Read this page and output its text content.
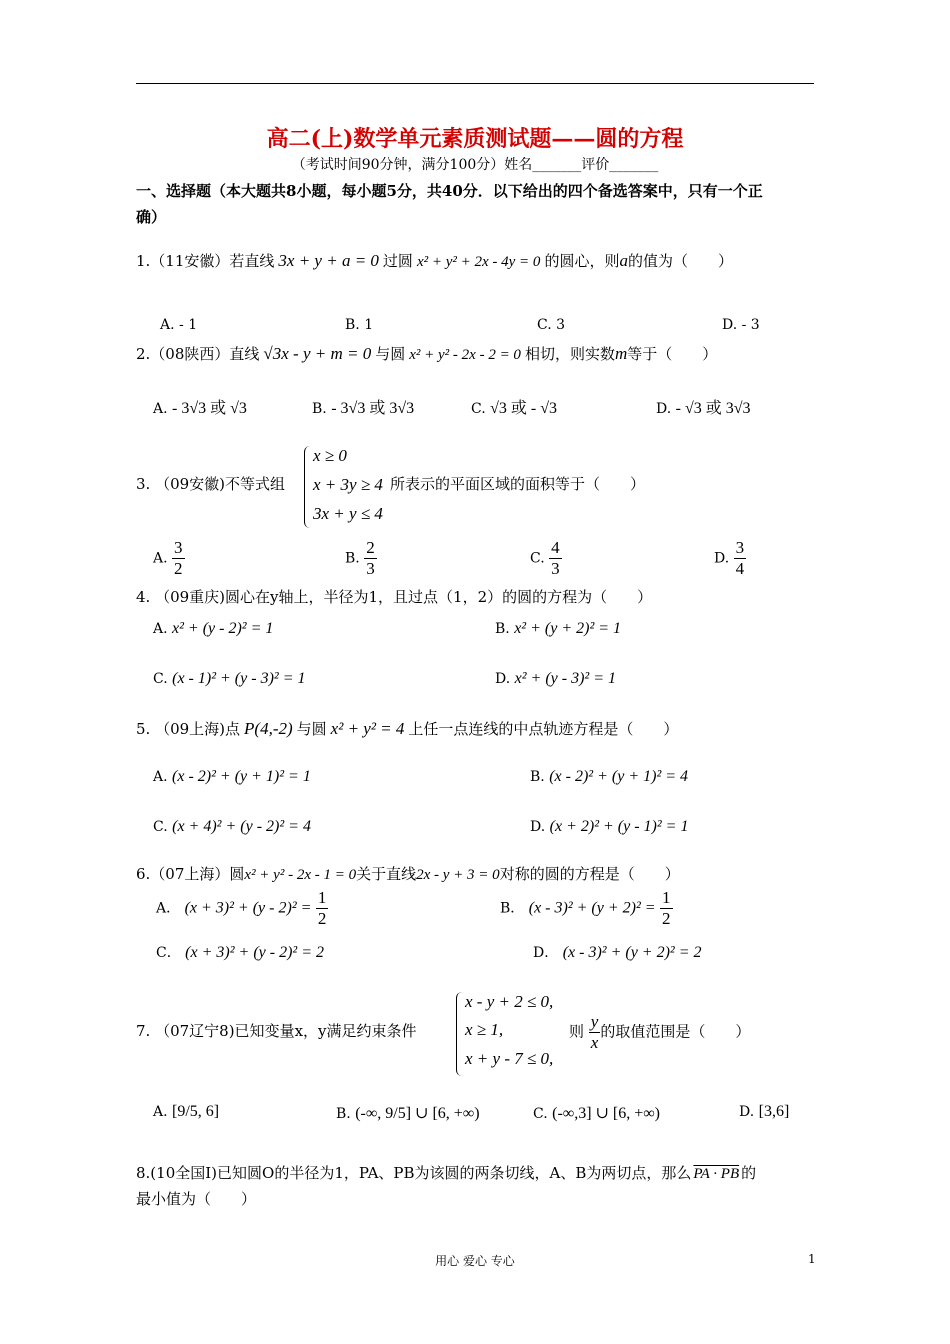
高二(上)数学单元素质测试题——圆的方程
（考试时间90分钟，满分100分）姓名_______评价_______
一、选择题（本大题共8小题，每小题5分，共40分．以下给出的四个备选答案中，只有一个正
确）
1.（11安徽）若直线 3x + y + a = 0 过圆 x² + y² + 2x - 4y = 0 的圆心，则a的值为（　　）
A. - 1	B. 1	C. 3	D. - 3
2.（08陕西）直线 √3x - y + m = 0 与圆 x² + y² - 2x - 2 = 0 相切，则实数m等于（　　）
A. - 3√3 或 √3	B. - 3√3 或 3√3	C. √3 或 - √3	D. - √3 或 3√3
3. （09安徽)不等式组
x ≥ 0
x + 3y ≥ 4
3x + y ≤ 4
所表示的平面区域的面积等于（　　）
A. $\frac{3}{2}$	B. $\frac{2}{3}$	C. $\frac{4}{3}$	D. $\frac{3}{4}$
4. （09重庆)圆心在y轴上，半径为1，且过点（1，2）的圆的方程为（　　）
A. x² + (y - 2)² = 1	B. x² + (y + 2)² = 1
C. (x - 1)² + (y - 3)² = 1	D. x² + (y - 3)² = 1
5. （09上海)点 P(4,-2) 与圆 x² + y² = 4 上任一点连线的中点轨迹方程是（　　）
A. (x - 2)² + (y + 1)² = 1	B. (x - 2)² + (y + 1)² = 4
C. (x + 4)² + (y - 2)² = 4	D. (x + 2)² + (y - 1)² = 1
6.（07上海）圆x² + y² - 2x - 1 = 0关于直线2x - y + 3 = 0对称的圆的方程是（　　）
A． $(x + 3)^2 + (y - 2)^2 = \frac{1}{2}$	B． $(x - 3)^2 + (y + 2)^2 = \frac{1}{2}$
C． (x + 3)² + (y - 2)² = 2	D． (x - 3)² + (y + 2)² = 2
7. （07辽宁8)已知变量x，y满足约束条件
x - y + 2 ≤ 0,
x ≥ 1,
x + y - 7 ≤ 0,
则 $\frac{y}{x}$ 的取值范围是（　　）
A. [9/5, 6]	B. (-∞, 9/5] ∪ [6, +∞)	C. (-∞,3] ∪ [6, +∞)	D. [3,6]
8.(10全国Ⅰ)已知圆O的半径为1，PA、PB为该圆的两条切线，A、B为两切点，那么 PA · PB 的
最小值为（　　）
用心 爱心 专心	1
